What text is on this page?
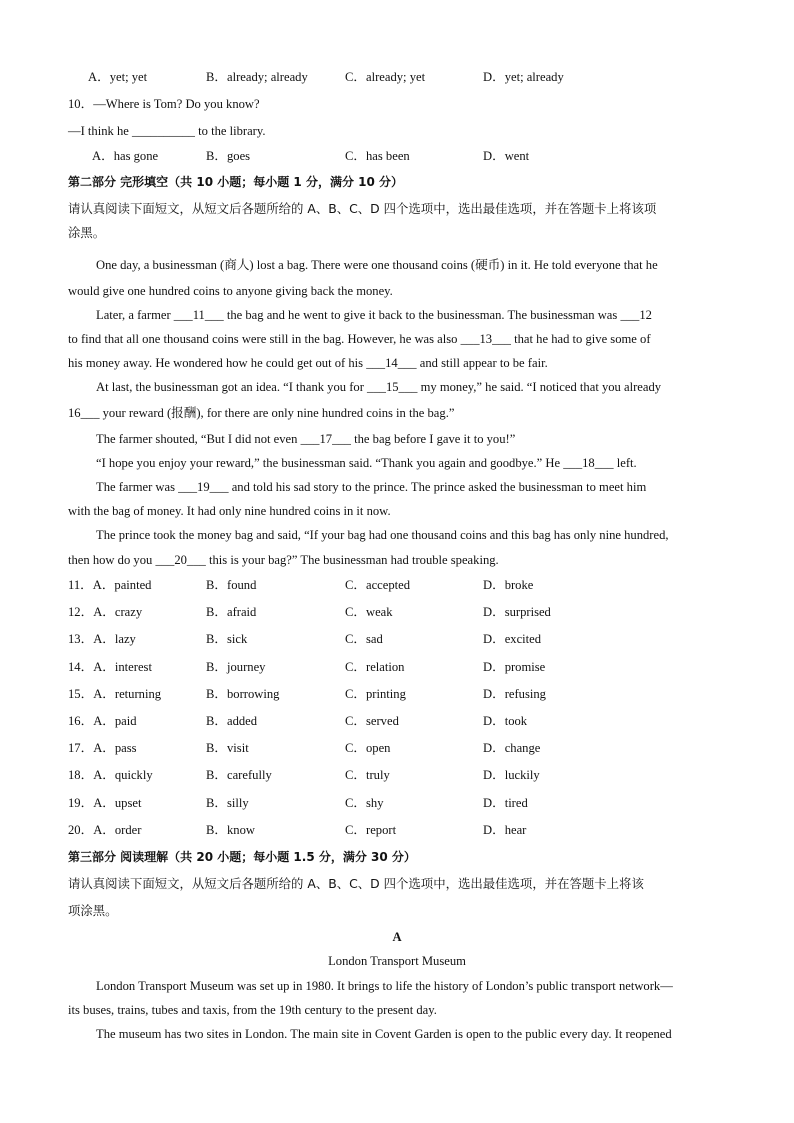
A．yet; yet	B．already; already	C．already; yet	D．yet; already
10．—Where is Tom? Do you know?
—I think he __________ to the library.
A．has gone	B．goes	C．has been	D．went
第二部分 完形填空（共 10 小题；每小题 1 分，满分 10 分）
请认真阅读下面短文，从短文后各题所给的 A、B、C、D 四个选项中，选出最佳选项，并在答题卡上将该项
涂黑。
One day, a businessman (商人) lost a bag. There were one thousand coins (硬币) in it. He told everyone that he
would give one hundred coins to anyone giving back the money.
Later, a farmer ___11___ the bag and he went to give it back to the businessman. The businessman was ___12
to find that all one thousand coins were still in the bag. However, he was also ___13___ that he had to give some of
his money away. He wondered how he could get out of his ___14___ and still appear to be fair.
At last, the businessman got an idea. “I thank you for ___15___ my money,” he said. “I noticed that you already
16___ your reward (报酬), for there are only nine hundred coins in the bag.”
The farmer shouted, “But I did not even ___17___ the bag before I gave it to you!”
“I hope you enjoy your reward,” the businessman said. “Thank you again and goodbye.” He ___18___ left.
The farmer was ___19___ and told his sad story to the prince. The prince asked the businessman to meet him
with the bag of money. It had only nine hundred coins in it now.
The prince took the money bag and said, “If your bag had one thousand coins and this bag has only nine hundred,
then how do you ___20___ this is your bag?” The businessman had trouble speaking.
11．A．painted	B．found	C．accepted	D．broke
12．A．crazy	B．afraid	C．weak	D．surprised
13．A．lazy	B．sick	C．sad	D．excited
14．A．interest	B．journey	C．relation	D．promise
15．A．returning	B．borrowing	C．printing	D．refusing
16．A．paid	B．added	C．served	D．took
17．A．pass	B．visit	C．open	D．change
18．A．quickly	B．carefully	C．truly	D．luckily
19．A．upset	B．silly	C．shy	D．tired
20．A．order	B．know	C．report	D．hear
第三部分 阅读理解（共 20 小题；每小题 1.5 分，满分 30 分）
请认真阅读下面短文，从短文后各题所给的 A、B、C、D 四个选项中，选出最佳选项，并在答题卡上将该
项涂黑。
A
London Transport Museum
London Transport Museum was set up in 1980. It brings to life the history of London’s public transport network—
its buses, trains, tubes and taxis, from the 19th century to the present day.
The museum has two sites in London. The main site in Covent Garden is open to the public every day. It reopened
